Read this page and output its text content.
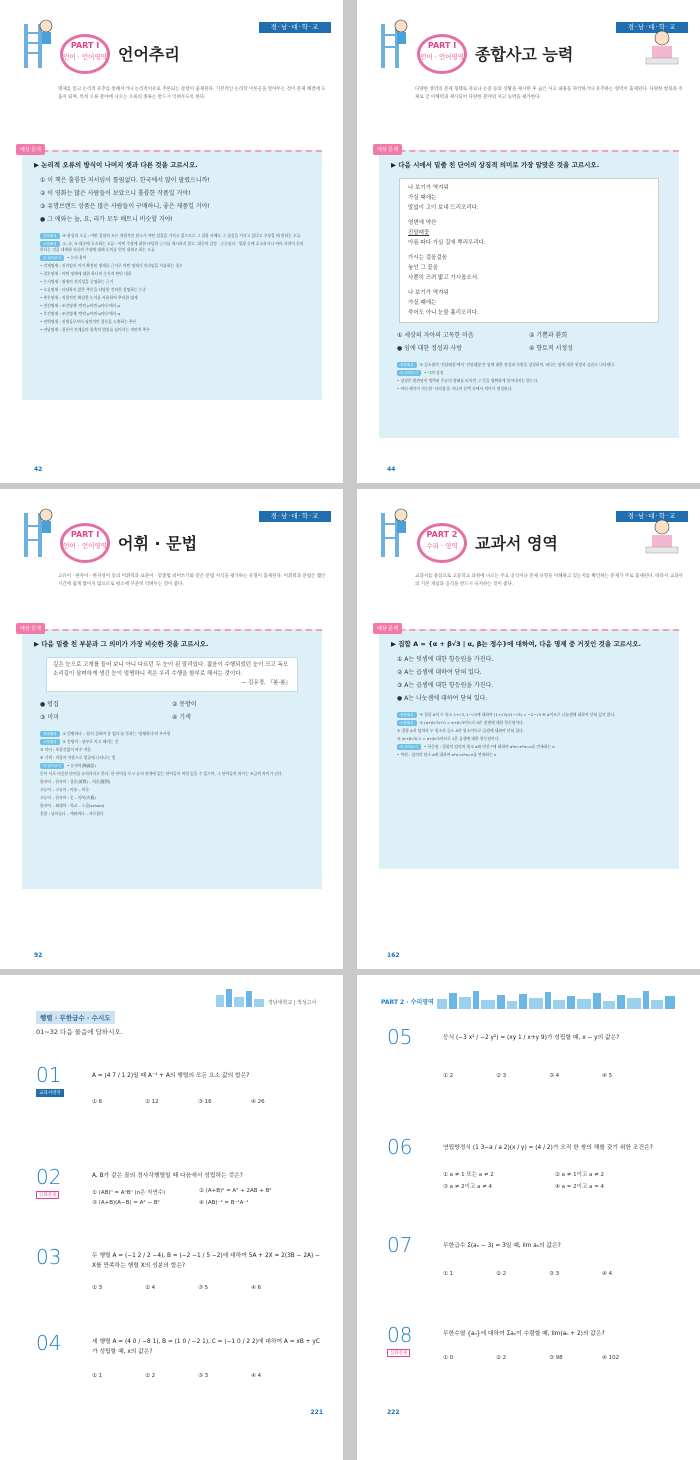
경·남·대·학·교
PART I
언어 · 언어영역 언어추리
명제를 읽고 논리적 유추를 통해서거나 논리적이유로 추론되는 문항이 출제된다. 기본적인 논리학 이론들을 알아두는 것이 문제 해결에 도움이 되며, 특히 오류 분야에 나오는 오류의 종류는 반드시 익혀두도록 한다.
예상 문제
▶ 논리적 오류의 방식이 나머지 셋과 다른 것을 고르시오.
① 이 책은 훌륭한 저서임이 틀림없다. 한국에서 많이 팔렸으니까!
② 이 영화는 많은 사람들이 보았으니 훌륭한 작품일 거야!
③ 유명브랜드 상품은 많은 사람들이 구매하니, 좋은 제품일 거야!
● 그 애와는 놀, 요, 리가 모두 배트니 비슷할 거야!
정답해설 ④ 합성의 오류 : 어떤 집합의 모든 개별적인 원소가 어떤 성질을 가지고 있으므로 그 집합 자체도 그 성질을 가지고 있다고 주장할 때 범하는 오류
오답해설 ①, ②, ③ 대중에 호소하는 오류 : 어떤 주장에 대한 타당한 근거를 제시하지 않고, 대중의 감정 · 군중심리 · 열광 등에 호소하거나 여러 사람이 동의한다는 것을 내세워 자신의 주장에 대해 동의를 얻어 내려고 하는 오류
더 알아보기 • 논리 용어
• 전제명제 : 진리임이 이미 확정된 명제를 근거로 어떤 명제가 진리임을 서술하는 경우
• 결론명제 : 어떤 명제에 대한 하나의 논지적 판단 내용
• 논거명제 : 명제의 진리성을 증명하는 근거
• 오류명제 : 타당하지 않은 추론을 타당한 것처럼 설명하는 논증
• 추론명제 : 직접적인 확실한 논거를 사용하여 추리한 명제
• 전건명제 : 조건명제 '만약 p이면 q이다'에서 p
• 후건명제 : 조건명제 '만약 p이면 q이다'에서 q
• 연역명제 : 전제들로부터 필연적인 결론을 도출하는 추론
• 귀납명제 : 결론이 전제들의 함축의 범위를 넘어서는 개연적 추론
42
경·남·대·학·교
PART I
언어 · 언어영역 종합사고 능력
다양한 영역의 문제 형태로 자료나 논증 등의 상황을 제시한 후 숨은 사고 내용을 파악하거나 유추하는 영역이 출제된다. 다양한 항목과 주제로 글 이해력과 제시되어 다양한 분야의 사고 능력을 평가한다.
예상 문제
▶ 다음 시에서 밑줄 친 단어의 상징적 의미로 가장 알맞은 것을 고르시오.
나 보기가 역겨워
가실 때에는
말없이 고이 보내 드리오리다.
영변에 약산
진달래꽃
아름 따다 가실 길에 뿌리우리다.
가시는 걸음걸음
놓인 그 꽃을
사뿐히 즈려 밟고 가시옵소서.
나 보기가 역겨워
가실 때에는
죽어도 아니 눈물 흘리오리다.
① 세상의 자아의 고독한 마음	② 기쁨과 환희
● 임에 대한 정성과 사랑	④ 향토적 서정성
정답해설 ③ 김소월의 '진달래꽃'에서 '진달래꽃'은 임에 대한 정성과 사랑을 상징하며, 떠나는 임에 대한 원망과 슬픔도 나타낸다.
더 알아보기 • 시의 상징
• 상징은 원관념이 생략된 은유의 형태를 띠지만 그 뜻을 명확하게 풀어내지는 않는다.
• 여러 해석이 가능한 '다의성'을 지니며 문맥 속에서 의미가 형성된다.
44
경·남·대·학·교
PART I
언어 · 언어영역 어휘 · 문법
고유어 · 한자어 · 한자성어 등의 어휘력과 표준어 · 맞춤법 띄어쓰기와 같은 문법 지식을 평가하는 유형이 출제된다. 어휘력과 문법은 짧은 시간에 쉽게 쌓이지 않으므로 평소에 꾸준히 익혀두는 것이 좋다.
예상 문제
▶ 다음 밑줄 친 부분과 그 의미가 가장 비슷한 것을 고르시오.
깊은 눈으로 고개를 들어 보니 아니 다르던 두 눈이 된 말리있다. 젊음이 수행되었던 눈이 크고 독오 소리길이 살펴하게 생긴 눈이 멀쩡하니 적은 우리 수행을 함부로 해서는 것이다.
— 김유정, 『봄·봄』
● 멍집	② 몽방이
③ 미미	④ 기색
정답해설 ① 멀쩡하다 : '몸이 성하여 흠 없다'를 뜻하는 '멀쩡하다'의 부사형
오답해설 ② 몽방이 : 함부로 치고 때리는 것
③ 미미 : 보잘것없이 아주 작음
④ 기색 : 마음의 작용으로 얼굴에 나타나는 빛
더 알아보기 • 유의어(類義語)
뜻이 서로 비슷한 단어를 유의어라고 한다. 한 단어를 두고 유의 관계에 있는 단어들이 여럿 있을 수 있으며, 그 단어들의 의미는 조금씩 차이가 난다.
한자어 – 한자어 : 질문(質問) – 의문(疑問)
고유어 – 고유어 : 아롱 – 아루
고유어 – 한자어 : 옷 – 의복(衣服)
한자어 – 외래어 : 학교 – 스쿨(school)
혼합 : 날아들다 – 에워싸다 – 사로잡다
92
경·남·대·학·교
PART 2
수리 · 영역	교과서 영역
교과서를 중심으로 고등학교 과정에 나오는 주요 공식이나 문제 유형을 이해하고 있는지를 확인하는 문제가 주로 출제된다. 따라서 교과서의 기본 개념과 공식을 반드시 숙지하는 것이 좋다.
예상 문제
▶ 집합 A = {α + β√3 | α, β는 정수}에 대하여, 다음 명제 중 거짓인 것을 고르시오.
① A는 덧셈에 대한 항등원을 가진다.
② A는 곱셈에 대하여 닫혀 있다.
③ A는 곱셈에 대한 항등원을 가진다.
● A는 나눗셈에 대하여 닫혀 있다.
정답해설 ④ 집합 A의 두 원소 1+√3, 1−√3에 대하여 (1+√3)/(1−√3) = −2−√3 ∈ A이므로 나눗셈에 대하여 닫혀 있지 않다.
오답해설 ① (α+β√3)+0 = α+β√3이므로 0은 덧셈에 대한 항등원이다.
② 집합 A의 임의의 두 원소의 곱도 A의 원소이므로 곱셈에 대하여 닫혀 있다.
③ (α+β√3)·1 = α+β√3이므로 1은 곱셈에 대한 항등원이다.
더 알아보기 • 항등원 : 집합의 임의의 원소 a와 연산 *에 대하여 a*e=e*a=a를 만족하는 e
• 역원 : 임의의 원소 a에 대하여 a*x=x*a=e를 만족하는 x
162
경남대학교 | 적성고사
행렬 · 무한급수 · 수시도
01~32 다음 물음에 답하시오.
01
교과서영역
A = (4 7 / 1 2)일 때 A⁻¹ + A의 행렬의 모든 요소 값의 합은?
① 6	② 12	③ 16	④ 26
02
심화문제
A, B가 같은 꼴의 정사각행렬일 때 다음에서 성립하는 것은?
① (AB)ⁿ = AⁿBⁿ (n은 자연수)	② (A+B)² = A² + 2AB + B²
③ (A+B)(A−B) = A² − B²	④ (AB)⁻¹ = B⁻¹A⁻¹
03	두 행렬 A = (−1 2 / 2 −4), B = (−2 −1 / 5 −2)에 대하여 5A + 2X = 2(3B − 2A) − X를 만족하는 행렬 X의 성분의 합은?
① 3	② 4	③ 5	④ 6
04	세 행렬 A = (4 0 / −8 1), B = (1 0 / −2 1), C = (−1 0 / 2 2)에 대하여 A = xB + yC가 성립할 때, x의 값은?
① 1	② 2	③ 3	④ 4
221
PART 2 · 수리영역
05	등식 (−3 x² / −2 y²) = (xy 1 / x+y 9)가 성립할 때, x − y의 값은?
① 2	② 3	③ 4	④ 5
06	연립방정식 (1 3−a / a 2)(x / y) = (4 / 2)가 오직 한 쌍의 해를 갖기 위한 조건은?
① a ≠ 1 또는 a ≠ 2	② a ≠ 1이고 a ≠ 2
③ a ≠ 2이고 a ≠ 4	④ a = 2이고 a = 4
07	무한급수 Σ(aₙ − 3) = 3일 때, lim aₙ의 값은?
① 1	② 2	③ 3	④ 4
08
심화문제
무한수열 {aₙ}에 대하여 Σaₙ이 수렴할 때, lim(aₙ + 2)의 값은?
① 0	② 2	③ 98	④ 102
222
